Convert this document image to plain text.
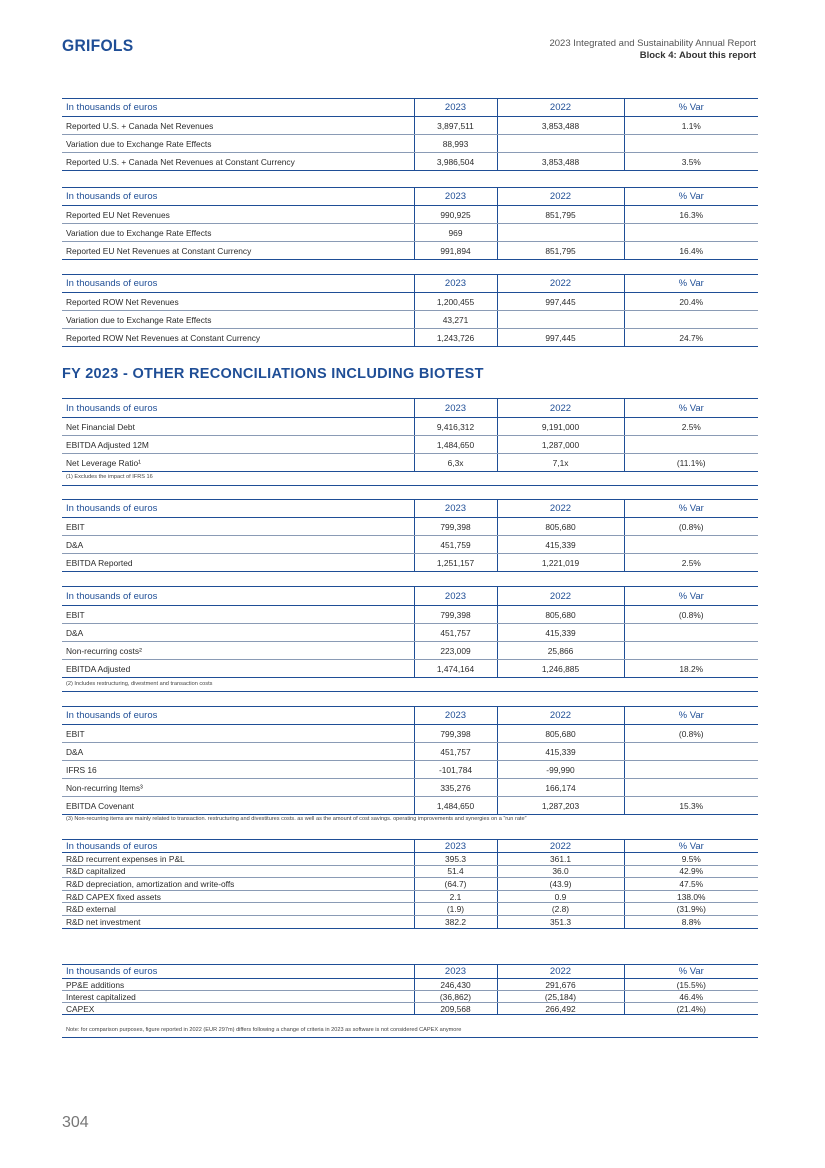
GRIFOLS	2023 Integrated and Sustainability Annual Report
Block 4: About this report
FY 2023 - OTHER RECONCILIATIONS INCLUDING BIOTEST
In thousands of euros	2023	2022	% Var
Reported U.S. + Canada Net Revenues	3,897,511	3,853,488	1.1%
Variation due to Exchange Rate Effects	88,993		
Reported U.S. + Canada Net Revenues at Constant Currency	3,986,504	3,853,488	3.5%
In thousands of euros	2023	2022	% Var
Reported EU Net Revenues	990,925	851,795	16.3%
Variation due to Exchange Rate Effects	969		
Reported EU Net Revenues at Constant Currency	991,894	851,795	16.4%
In thousands of euros	2023	2022	% Var
Reported ROW Net Revenues	1,200,455	997,445	20.4%
Variation due to Exchange Rate Effects	43,271		
Reported ROW Net Revenues at Constant Currency	1,243,726	997,445	24.7%
In thousands of euros	2023	2022	% Var
Net Financial Debt	9,416,312	9,191,000	2.5%
EBITDA Adjusted 12M	1,484,650	1,287,000	
Net Leverage Ratio¹	6,3x	7,1x	(11.1%)
(1) Excludes the impact of IFRS 16
In thousands of euros	2023	2022	% Var
EBIT	799,398	805,680	(0.8%)
D&A	451,759	415,339	
EBITDA Reported	1,251,157	1,221,019	2.5%
In thousands of euros	2023	2022	% Var
EBIT	799,398	805,680	(0.8%)
D&A	451,757	415,339	
Non-recurring costs²	223,009	25,866	
EBITDA Adjusted	1,474,164	1,246,885	18.2%
(2) Includes restructuring, divestment and transaction costs
In thousands of euros	2023	2022	% Var
EBIT	799,398	805,680	(0.8%)
D&A	451,757	415,339	
IFRS 16	-101,784	-99,990	
Non-recurring Items³	335,276	166,174	
EBITDA Covenant	1,484,650	1,287,203	15.3%
(3) Non-recurring items are mainly related to transaction. restructuring and divestitures costs. as well as the amount of cost savings. operating improvements and synergies on a “run rate”
In thousands of euros	2023	2022	% Var
R&D recurrent expenses in P&L	395.3	361.1	9.5%
R&D capitalized	51.4	36.0	42.9%
R&D depreciation, amortization and write-offs	(64.7)	(43.9)	47.5%
R&D CAPEX fixed assets	2.1	0.9	138.0%
R&D external	(1.9)	(2.8)	(31.9%)
R&D net investment	382.2	351.3	8.8%
In thousands of euros	2023	2022	% Var
PP&E additions	246,430	291,676	(15.5%)
Interest capitalized	(36,862)	(25,184)	46.4%
CAPEX	209,568	266,492	(21.4%)
Note: for comparison purposes, figure reported in 2022 (EUR 297m) differs following a change of criteria in 2023 as software is not considered CAPEX anymore
304
